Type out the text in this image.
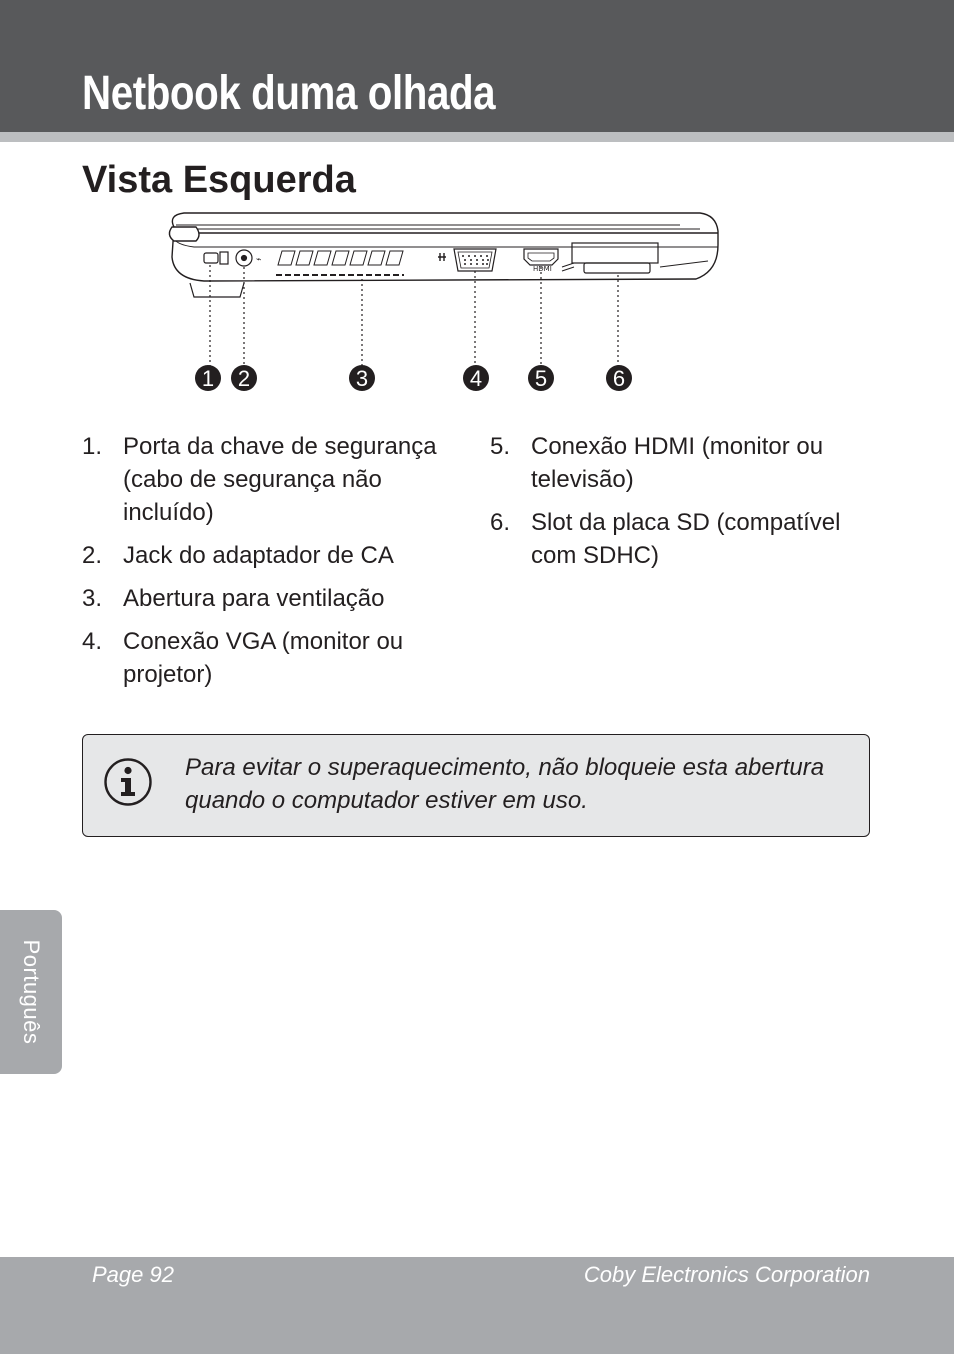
Netbook duma olhada
Vista Esquerda
⌁
HDMI
1 2	3	4 5	6
1. Porta da chave de segurança (cabo de segurança não incluído)
2. Jack do adaptador de CA
3. Abertura para ventilação
4. Conexão VGA (monitor ou projetor)
5. Conexão HDMI (monitor ou televisão)
6. Slot da placa SD (compatível com SDHC)
Para evitar o superaquecimento, não bloqueie esta abertura quando o computador estiver em uso.
Português
Page 92	Coby Electronics Corporation
